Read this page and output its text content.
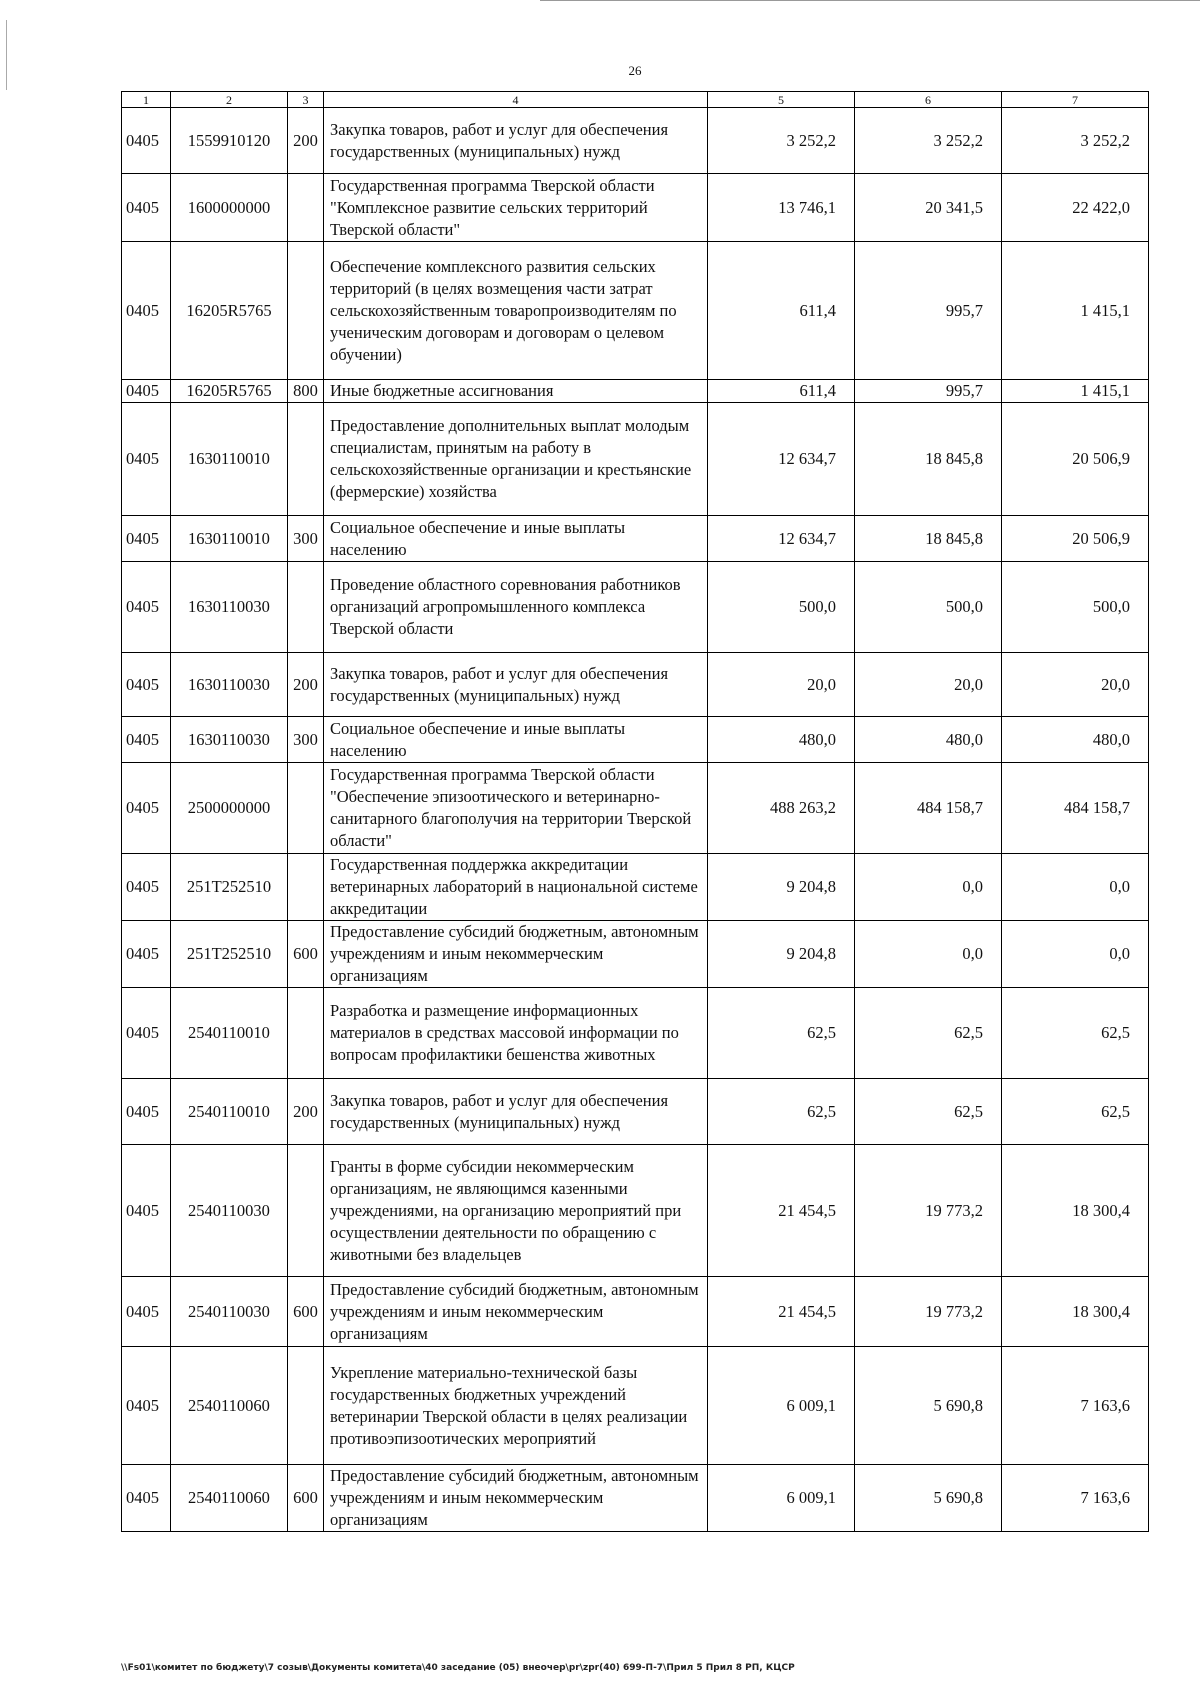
26
1	2	3	4	5	6	7
0405	1559910120	200	Закупка товаров, работ и услуг для обеспечения государственных (муниципальных) нужд	3 252,2	3 252,2	3 252,2
0405	1600000000		Государственная программа Тверской области "Комплексное развитие сельских территорий Тверской области"	13 746,1	20 341,5	22 422,0
0405	16205R5765		Обеспечение комплексного развития сельских территорий (в целях возмещения части затрат сельскохозяйственным товаропроизводителям по ученическим договорам и договорам о целевом обучении)	611,4	995,7	1 415,1
0405	16205R5765	800	Иные бюджетные ассигнования	611,4	995,7	1 415,1
0405	1630110010		Предоставление дополнительных выплат молодым специалистам, принятым на работу в сельскохозяйственные организации и крестьянские (фермерские) хозяйства	12 634,7	18 845,8	20 506,9
0405	1630110010	300	Социальное обеспечение и иные выплаты населению	12 634,7	18 845,8	20 506,9
0405	1630110030		Проведение областного соревнования работников организаций агропромышленного комплекса Тверской области	500,0	500,0	500,0
0405	1630110030	200	Закупка товаров, работ и услуг для обеспечения государственных (муниципальных) нужд	20,0	20,0	20,0
0405	1630110030	300	Социальное обеспечение и иные выплаты населению	480,0	480,0	480,0
0405	2500000000		Государственная программа Тверской области "Обеспечение эпизоотического и ветеринарно-санитарного благополучия на территории Тверской области"	488 263,2	484 158,7	484 158,7
0405	251Т252510		Государственная поддержка аккредитации ветеринарных лабораторий в национальной системе аккредитации	9 204,8	0,0	0,0
0405	251Т252510	600	Предоставление субсидий бюджетным, автономным учреждениям и иным некоммерческим организациям	9 204,8	0,0	0,0
0405	2540110010		Разработка и размещение информационных материалов в средствах массовой информации по вопросам профилактики бешенства животных	62,5	62,5	62,5
0405	2540110010	200	Закупка товаров, работ и услуг для обеспечения государственных (муниципальных) нужд	62,5	62,5	62,5
0405	2540110030		Гранты в форме субсидии некоммерческим организациям, не являющимся казенными учреждениями, на организацию мероприятий при осуществлении деятельности по обращению с животными без владельцев	21 454,5	19 773,2	18 300,4
0405	2540110030	600	Предоставление субсидий бюджетным, автономным учреждениям и иным некоммерческим организациям	21 454,5	19 773,2	18 300,4
0405	2540110060		Укрепление материально-технической базы государственных бюджетных учреждений ветеринарии Тверской области в целях реализации противоэпизоотических мероприятий	6 009,1	5 690,8	7 163,6
0405	2540110060	600	Предоставление субсидий бюджетным, автономным учреждениям и иным некоммерческим организациям	6 009,1	5 690,8	7 163,6
\\Fs01\комитет по бюджету\7 созыв\Документы комитета\40 заседание (05) внеочер\pr\zpr(40) 699-П-7\Прил 5 Прил 8 РП, КЦСР
